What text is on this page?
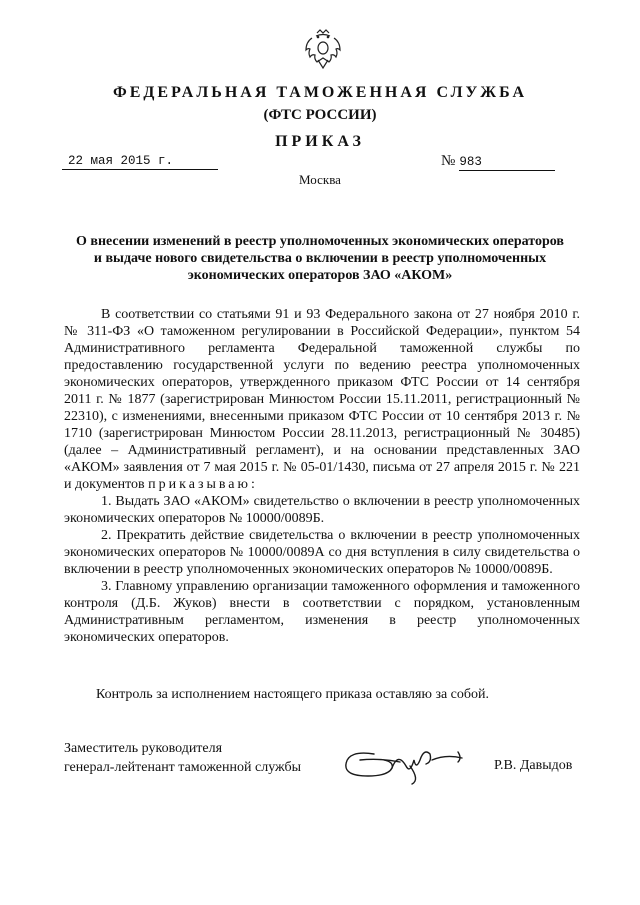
ФЕДЕРАЛЬНАЯ ТАМОЖЕННАЯ СЛУЖБА
(ФТС РОССИИ)
ПРИКАЗ
22 мая 2015 г.	№ 983
Москва
О внесении изменений в реестр уполномоченных экономических операторов
и выдаче нового свидетельства о включении в реестр уполномоченных
экономических операторов ЗАО «АКОМ»

В соответствии со статьями 91 и 93 Федерального закона от 27 ноября 2010 г. № 311-ФЗ «О таможенном регулировании в Российской Федерации», пунктом 54 Административного регламента Федеральной таможенной службы по предоставлению государственной услуги по ведению реестра уполномоченных экономических операторов, утвержденного приказом ФТС России от 14 сентября 2011 г. № 1877 (зарегистрирован Минюстом России 15.11.2011, регистрационный № 22310), с изменениями, внесенными приказом ФТС России от 10 сентября 2013 г. № 1710 (зарегистрирован Минюстом России 28.11.2013, регистрационный № 30485) (далее – Административный регламент), и на основании представленных ЗАО «АКОМ» заявления от 7 мая 2015 г. № 05-01/1430, письма от 27 апреля 2015 г. № 221 и документов приказываю:

1. Выдать ЗАО «АКОМ» свидетельство о включении в реестр уполномоченных экономических операторов № 10000/0089Б.

2. Прекратить действие свидетельства о включении в реестр уполномоченных экономических операторов № 10000/0089А со дня вступления в силу свидетельства о включении в реестр уполномоченных экономических операторов № 10000/0089Б.

3. Главному управлению организации таможенного оформления и таможенного контроля (Д.Б. Жуков) внести в соответствии с порядком, установленным Административным регламентом, изменения в реестр уполномоченных экономических операторов.

Контроль за исполнением настоящего приказа оставляю за собой.
Заместитель руководителя
генерал-лейтенант таможенной службы	Р.В. Давыдов
